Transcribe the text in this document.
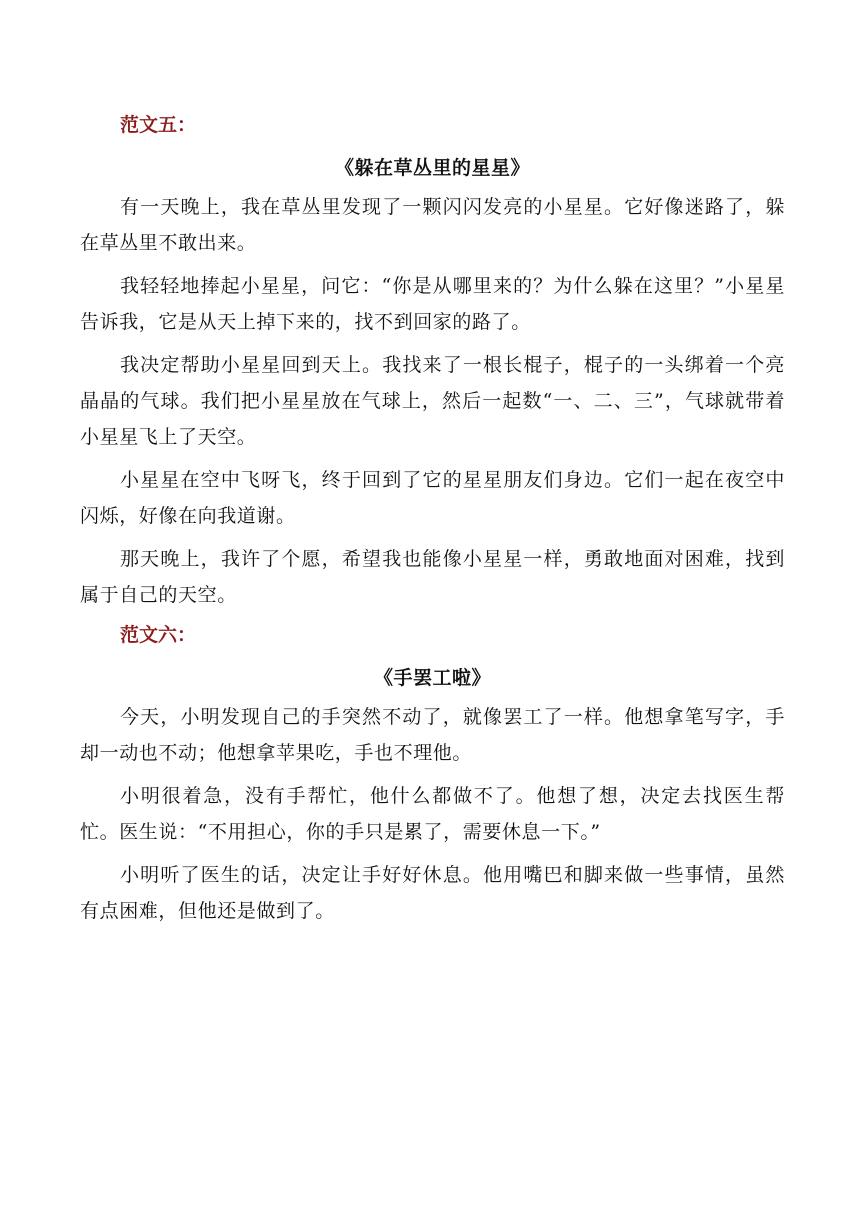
范文五：
《躲在草丛里的星星》

有一天晚上，我在草丛里发现了一颗闪闪发亮的小星星。它好像迷路了，躲在草丛里不敢出来。

我轻轻地捧起小星星，问它：“你是从哪里来的？为什么躲在这里？”小星星告诉我，它是从天上掉下来的，找不到回家的路了。

我决定帮助小星星回到天上。我找来了一根长棍子，棍子的一头绑着一个亮晶晶的气球。我们把小星星放在气球上，然后一起数“一、二、三”，气球就带着小星星飞上了天空。

小星星在空中飞呀飞，终于回到了它的星星朋友们身边。它们一起在夜空中闪烁，好像在向我道谢。

那天晚上，我许了个愿，希望我也能像小星星一样，勇敢地面对困难，找到属于自己的天空。

范文六：
《手罢工啦》

今天，小明发现自己的手突然不动了，就像罢工了一样。他想拿笔写字，手却一动也不动；他想拿苹果吃，手也不理他。

小明很着急，没有手帮忙，他什么都做不了。他想了想，决定去找医生帮忙。医生说：“不用担心，你的手只是累了，需要休息一下。”

小明听了医生的话，决定让手好好休息。他用嘴巴和脚来做一些事情，虽然有点困难，但他还是做到了。
